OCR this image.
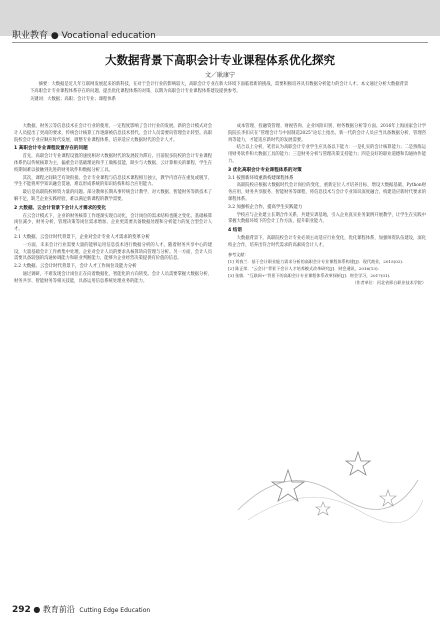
职业教育 ● Vocational education
大数据背景下高职会计专业课程体系优化探究
文／耿康宁

摘要：大数据是近几年互联网发展起来的新科技，在对于会计行业的影响较大，高职会计专业在新大环境下面临着新的挑战，需要积极培养具有数据分析能力的会计人才。本文通过分析大数据背景下高职会计专业课程体系存在的问题，提出优化课程体系的对策，以期为高职会计专业课程体系建设提供参考。

关键词：大数据；高职；会计专业；课程体系

大数据、财务云等信息技术在会计行业的使用，一定程度影响了会计行业的发展。新的会计模式对会计人员提出了更高的要求，传统会计核算工作逐渐被信息技术替代，会计人员需要向管理会计转型。高职院校会计专业应顺应时代发展，调整专业课程体系，培养适应大数据时代的会计人才。

1 高职会计专业课程设置存在的问题

首先，高职会计专业课程设置的速度相对大数据时代的发展较为滞后。目前很多院校的会计专业课程体系仍以传统核算为主，偏重会计基础理论和手工做账技能，缺少与大数据、云计算相关的课程，学生在校期间难以接触到先进的财务软件和数据分析工具。

其次，课程之间缺乏有效衔接。会计专业课程与信息技术课程相互独立，教学内容存在重复或脱节，学生不能将所学知识融会贯通，难以形成系统的知识结构和综合应用能力。

最后是高职院校师资力量的问题。部分教师长期从事传统会计教学，对大数据、智能财务等新技术了解不足，缺乏企业实践经验，难以满足新课程的教学需要。

2 大数据、云会计背景下会计人才需求的变化

在云会计模式下，企业的财务核算工作逐渐实现自动化，会计岗位的需求结构也随之变化。基础核算岗位减少，财务分析、管理决策等岗位需求增加，企业更需要具备数据处理和分析能力的复合型会计人才。

2.1 大数据、云会计时代背景下，企业对会计专业人才需求的变革分析

一方面，未来会计行业需要大量的能够运用信息技术进行数据分析的人才。随着财务共享中心的建设，大量基础会计工作被集中处理，企业对会计人员的要求从核算转向管理与分析。另一方面，会计人员需要具备较强的沟通协调能力和职业判断能力，能够为企业经营决策提供有价值的信息。

2.2 大数据、云会计时代背景下，会计人才工作岗位及能力分析

通过调研，不难发现会计岗位正在向着数据化、智能化的方向转变。会计人员需要掌握大数据分析、财务共享、智能财务等相关技能，具备运用信息系统处理业务的能力。

成本管理、投融资管理、财税咨询、企业风险识别、财务数据分析等方面。2016年上海国家会计学院院长李扣庆在“管理会计与中国制造2025”论坛上指出，新一代的会计人员应当具备数据分析、管理咨询等能力，才能适应新时代的发展需要。

结合以上分析，笔者认为高职会计专业学生应具备以下能力：一是扎实的会计核算能力；二是熟练运用财务软件和大数据工具的能力；三是财务分析与管理决策支持能力；四是良好的职业道德和沟通协作能力。

3 优化高职会计专业课程体系的对策
3.1 按照新环境重新构建课程体系

高职院校应根据大数据时代会计岗位的变化，重新定位人才培养目标，增设大数据基础、Python财务应用、财务共享服务、智能财务等课程，将信息技术与会计专业知识深度融合，构建适应新时代要求的课程体系。

3.2 加强校企合作，提高学生实践能力

学校应与企业建立长期合作关系，共建实训基地，引入企业真实业务案例开展教学，让学生在实践中掌握大数据环境下的会计工作方法，提升职业能力。

4 结语

大数据背景下，高职院校会计专业必须主动适应行业变化，优化课程体系，加强师资队伍建设，深化校企合作，培养出符合时代需求的高素质会计人才。

参考文献：
[1] 刘春兰．基于会计职业能力需求分析的高职会计专业课程体系构建[J]．现代商业，2015(02)．
[2] 陈正荣．“云会计”背景下会计人才培养模式改革研究[J]．财会通讯，2016(13)．
[3] 张敏．“互联网+”背景下的高职会计专业课程体系改革探析[J]．财会学习，2017(01)．
（作者单位：河北省邢台职业技术学院）
292 ● 教育前沿 Cutting Edge Education
